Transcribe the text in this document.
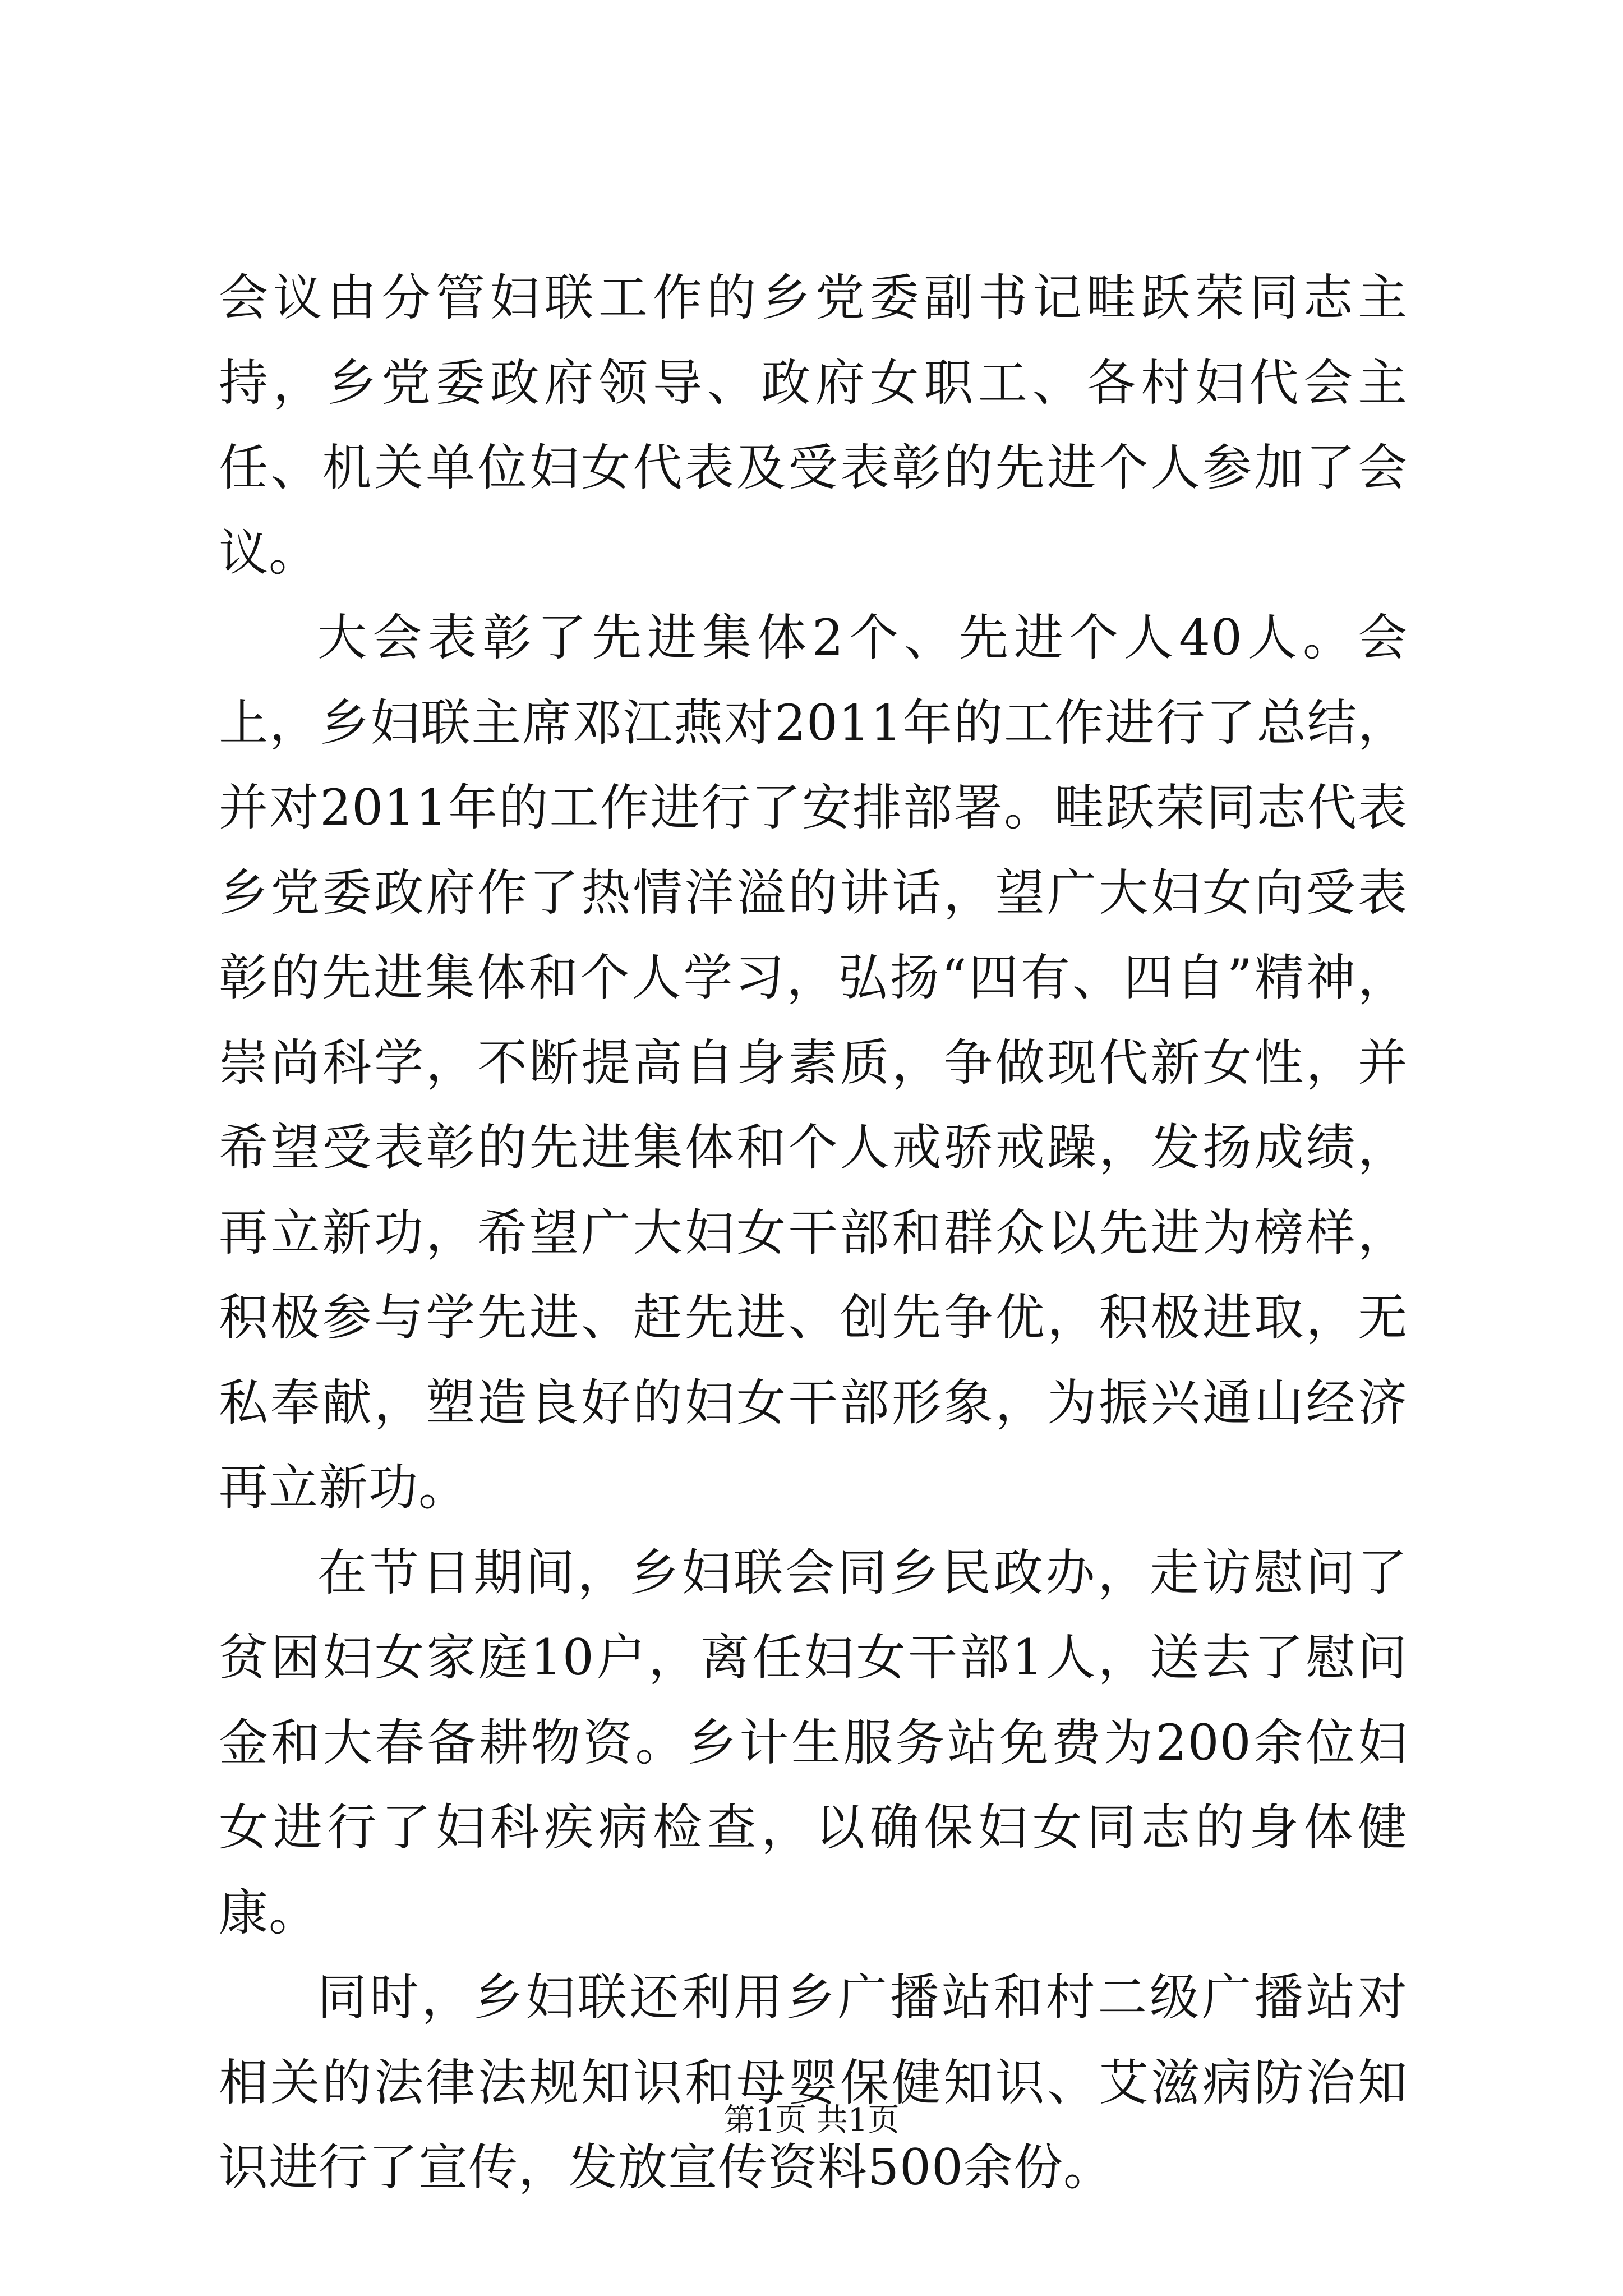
会议由分管妇联工作的乡党委副书记畦跃荣同志主持，乡党委政府领导、政府女职工、各村妇代会主任、机关单位妇女代表及受表彰的先进个人参加了会议。

大会表彰了先进集体2个、先进个人40人。会上，乡妇联主席邓江燕对2011年的工作进行了总结，并对2011年的工作进行了安排部署。畦跃荣同志代表乡党委政府作了热情洋溢的讲话，望广大妇女向受表彰的先进集体和个人学习，弘扬“四有、四自”精神，崇尚科学，不断提高自身素质，争做现代新女性，并希望受表彰的先进集体和个人戒骄戒躁，发扬成绩，再立新功，希望广大妇女干部和群众以先进为榜样，积极参与学先进、赶先进、创先争优，积极进取，无私奉献，塑造良好的妇女干部形象，为振兴通山经济再立新功。

在节日期间，乡妇联会同乡民政办，走访慰问了贫困妇女家庭10户，离任妇女干部1人，送去了慰问金和大春备耕物资。乡计生服务站免费为200余位妇女进行了妇科疾病检查，以确保妇女同志的身体健康。

同时，乡妇联还利用乡广播站和村二级广播站对相关的法律法规知识和母婴保健知识、艾滋病防治知识进行了宣传，发放宣传资料500余份。

第1页 共1页
